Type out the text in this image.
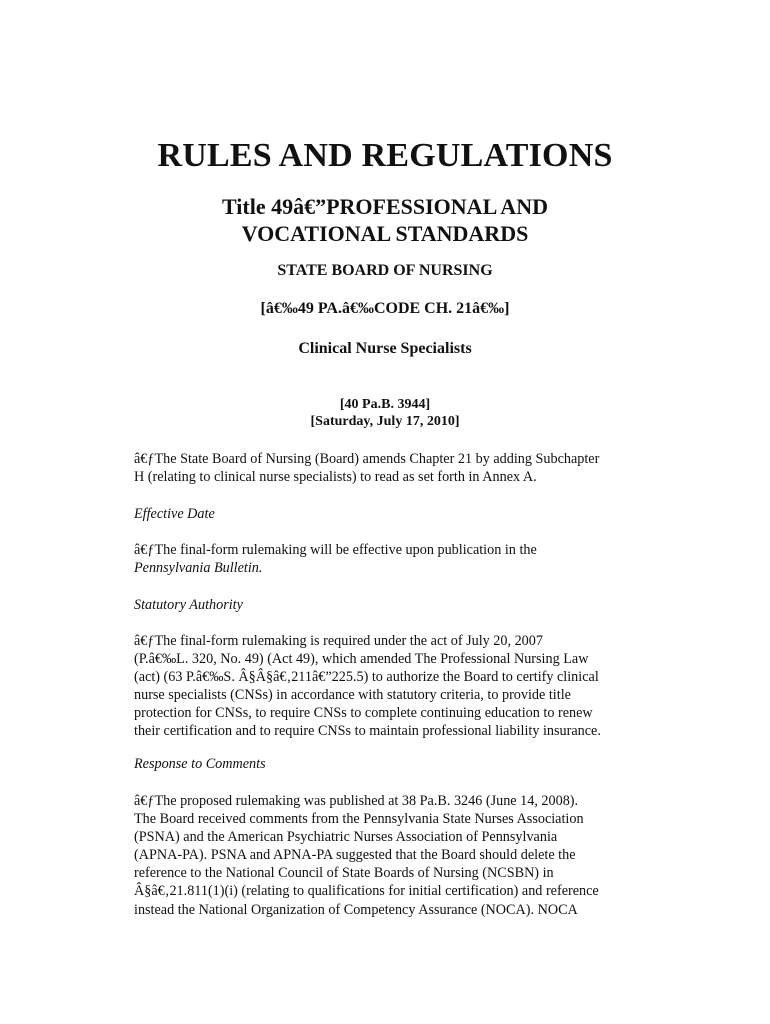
RULES AND REGULATIONS
Title 49â€”PROFESSIONAL AND
VOCATIONAL STANDARDS
STATE BOARD OF NURSING
[â€‰49 PA.â€‰CODE CH. 21â€‰]
Clinical Nurse Specialists
[40 Pa.B. 3944]
[Saturday, July 17, 2010]
â€ƒThe State Board of Nursing (Board) amends Chapter 21 by adding Subchapter
H (relating to clinical nurse specialists) to read as set forth in Annex A.
Effective Date
â€ƒThe final-form rulemaking will be effective upon publication in the
Pennsylvania Bulletin.
Statutory Authority
â€ƒThe final-form rulemaking is required under the act of July 20, 2007
(P.â€‰L. 320, No. 49) (Act 49), which amended The Professional Nursing Law
(act) (63 P.â€‰S. Â§Â§â€‚211â€”225.5) to authorize the Board to certify clinical
nurse specialists (CNSs) in accordance with statutory criteria, to provide title
protection for CNSs, to require CNSs to complete continuing education to renew
their certification and to require CNSs to maintain professional liability insurance.
Response to Comments
â€ƒThe proposed rulemaking was published at 38 Pa.B. 3246 (June 14, 2008).
The Board received comments from the Pennsylvania State Nurses Association
(PSNA) and the American Psychiatric Nurses Association of Pennsylvania
(APNA-PA). PSNA and APNA-PA suggested that the Board should delete the
reference to the National Council of State Boards of Nursing (NCSBN) in
Â§â€‚21.811(1)(i) (relating to qualifications for initial certification) and reference
instead the National Organization of Competency Assurance (NOCA). NOCA
